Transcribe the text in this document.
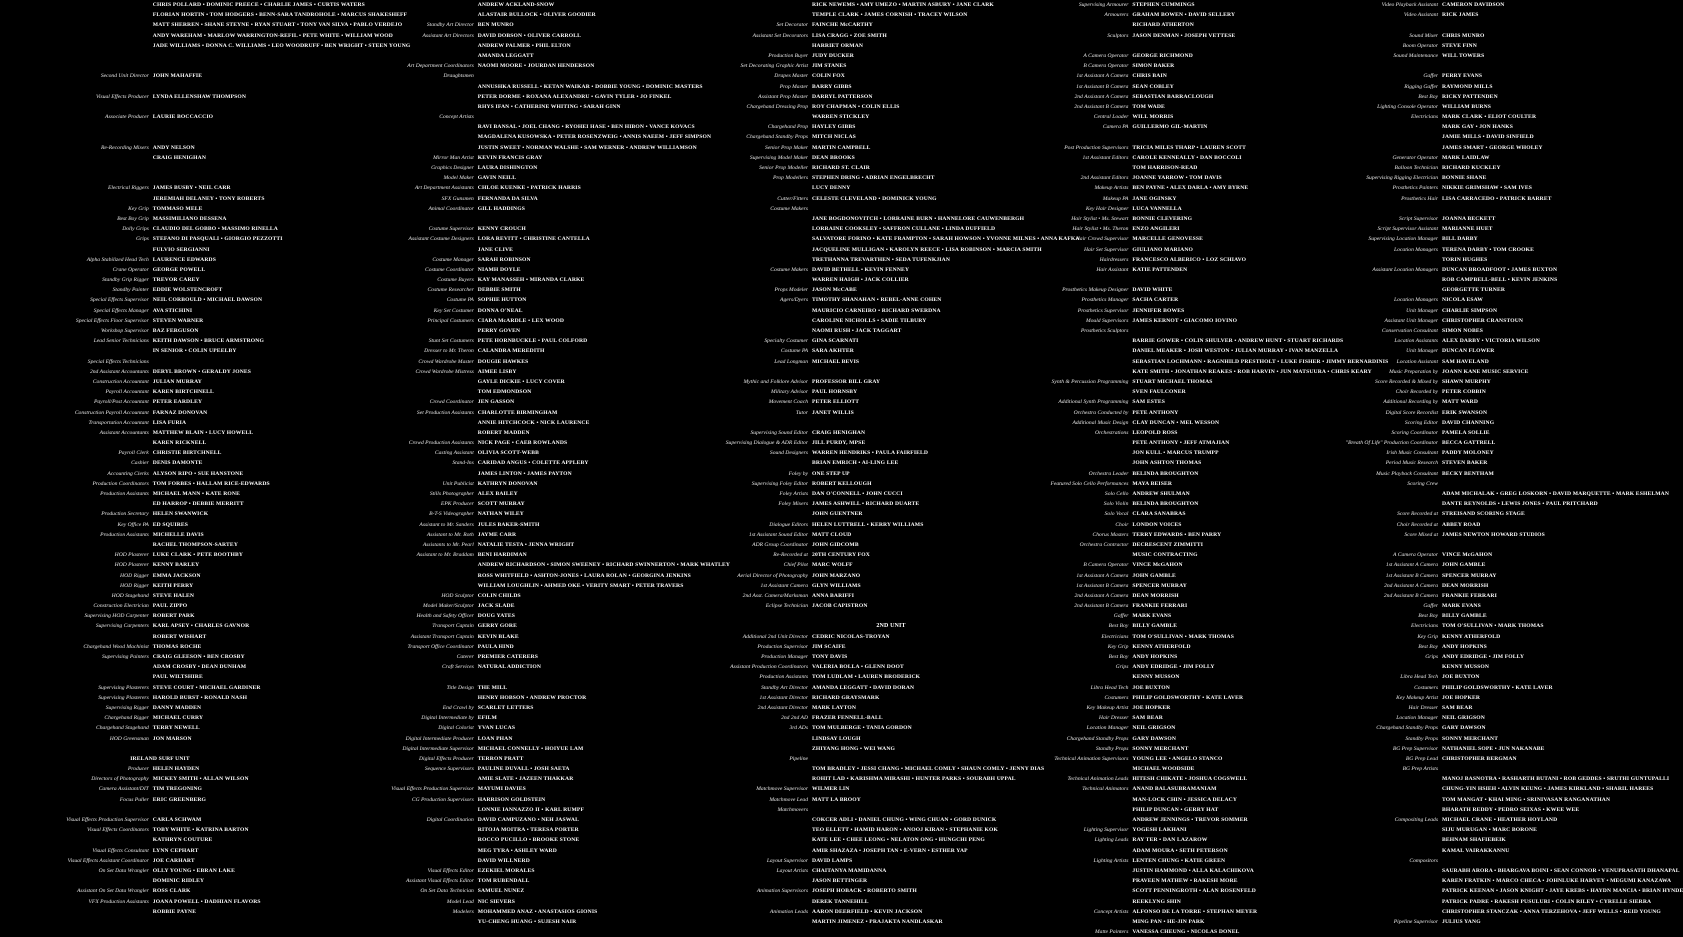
CHRIS POLLARD • DOMINIC PREECE • CHARLIE JAMES • CURTIS WATERS
FLORIAN HORTIN • TOM HODGERS • BENN-SARA TANDROHOLE • MARCUS SHAKESHEFF
MATT SHERREN • SHANE STEYNE • RYAN STUART • TONY VAN SILVA • PABLO VERDEJO
ANDY WAREHAM • MARLOW WARRINGTON-REFIL • PETE WHITE • WILLIAM WOOD
JADE WILLIAMS • DONNA C. WILLIAMS • LEO WOODRUFF • BEN WRIGHT • STEEN YOUNG
Second Unit Director JOHN MAHAFFIE
Visual Effects Producer LYNDA ELLENSHAW THOMPSON
Associate Producer LAURIE BOCCACCIO
Re-Recording Mixers ANDY NELSON
CRAIG HENIGHAN
Electrical Riggers JAMES BUSBY • NEIL CARR
JEREMIAH DELANEY • TONY ROBERTS
Key Grip TOMMASO MELE
Best Boy Grip MASSIMILIANO DESSENA
Dolly Grips CLAUDIO DEL GOBBO • MASSIMO RINELLA
Grips STEFANO DI PASQUALI • GIORGIO PEZZOTTI
FULVIO SERGIANNI
Alpha Stabilized Head Tech LAURENCE EDWARDS
Crane Operator GEORGE POWELL
Standby Grip Rigger TREVOR CAREY
Standby Painter EDDIE WOLSTENCROFT
Special Effects Supervisor NEIL CORBOULD • MICHAEL DAWSON
Special Effects Manager AVA STICHINI
Special Effects Floor Supervisor STEVEN WARNER
Workshop Supervisor BAZ FERGUSON
Lead Senior Technicians KEITH DAWSON • BRUCE ARMSTRONG
IN SENIOR • COLIN UPEELBY
Special Effects Technicians
2nd Assistant Accountants DERYL BROWN • GERALDY JONES
Construction Accountant JULIAN MURRAY
Payroll Accountant KAREN BIRTCHNELL
Payroll/Post Accountant PETER EARDLEY
Construction Payroll Accountant FARNAZ DONOVAN
Transportation Accountant LISA FURIA
Assistant Accountants MATTHEW BLAIN • LUCY HOWELL
KAREN RICKNELL
Payroll Clerk CHRISTIE BIRTCHNELL
Cashier DENIS DAMONTE
Accounting Clerks ALYSON RIPO • SUE HANSTONE
Production Coordinators TOM FORBES • HALLAM RICE-EDWARDS
Production Assistants MICHAEL MANN • KATE RONE
ED HARROP • DEBBIE MERRITT
Production Secretary HELEN SWANWICK
Key Office PA ED SQUIRES
Production Assistants MICHELLE DAVIS
RACHEL THOMPSON-SARTEY
HOD Plasterer LUKE CLARK • PETE BOOTHBY
HOD Plasterer KENNY BARLEY
HOD Rigger EMMA JACKSON
HOD Rigger KEITH PERRY
HOD Stagehand STEVE HALEN
Construction Electrician PAUL ZIPPO
Supervising HOD Carpenter ROBERT PARK
Supervising Carpenters KARL APSEY • CHARLES GAVNOR
ROBERT WISHART
Chargehand Wood Machinist THOMAS ROCHE
Supervising Painters CRAIG GLEESON • BEN CROSBY
ADAM CROSBY • DEAN DUNHAM
PAUL WILTSHIRE
Supervising Plasterers STEVE COURT • MICHAEL GARDINER
Supervising Plasterers HAROLD BURST • RONALD NASH
Supervising Rigger DANNY MADDEN
Chargehand Rigger MICHAEL CURRY
Chargehand Stagehand TERRY NEWELL
HOD Greensman JON MARSON
IRELAND SURF UNIT
Producer HELEN HAYDEN
Directors of Photography MICKEY SMITH • ALLAN WILSON
Camera Assistant/DIT TIM TREGONING
Focus Puller ERIC GREENBERG
Visual Effects Production Supervisor CARLA SCHWAM
Visual Effects Coordinators TOBY WHITE • KATRINA BARTON
KATHRYN COUTURE
Visual Effects Consultant LYNN CEPHART
Visual Effects Assistant Coordinator JOE CARHART
On Set Data Wrangler OLLY YOUNG • EBRAN LAKE
DOMINIC RIDLEY
Assistant On Set Data Wrangler ROSS CLARK
VFX Production Assistants JOANA POWELL • DADHIAN FLAVORS
ROBBIE PAYNE
ANDREW ACKLAND-SNOW
ALASTAIR BULLOCK • OLIVER GOODIER
Standby Art Director BEN MUNRO
Assistant Art Directors DAVID DOBSON • OLIVER CARROLL
ANDREW PALMER • PHIL ELTON
AMANDA LEGGATT
Art Department Coordinators NAOMI MOORE • JOURDAN HENDERSON
Draughtsmen
ANNUSHKA RUSSELL • KETAN WAIKAR • DOBBIE YOUNG • DOMINIC MASTERS
PETER DORME • ROXANA ALEXANDRU • GAVIN TYLER • JO FINKEL
RHYS IFAN • CATHERINE WHITING • SARAH GINN
Concept Artists
RAVI BANSAL • JOEL CHANG • RYOHEI HASE • BEN HIBON • VANCE KOVACS
MAGDALENA KUSOWSKA • PETER ROSENZWEIG • ANNIS NAEEM • JEFF SIMPSON
JUSTIN SWEET • NORMAN WALSHE • SAM WERNER • ANDREW WILLIAMSON
Mirror Man Artist KEVIN FRANCIS GRAY
Graphics Designer LAURA DISHINGTON
Model Maker GAVIN NEILL
Art Department Assistants CHLOE KUENKE • PATRICK HARRIS
SFX Gunsmen FERNANDA DA SILVA
Animal Coordinator GILL HADDINGS
Costume Supervisor KENNY CROUCH
Assistant Costume Designers LORA REVITT • CHRISTINE CANTELLA
JANE CLIVE
Costume Manager SARAH ROBINSON
Costume Coordinator NIAMH DOYLE
Costume Buyers KAY MANASSEH • MIRANDA CLARKE
Costume Researcher DEBBIE SMITH
Costume PA SOPHIE HUTTON
Key Set Costumer DONNA O'NEAL
Principal Costumers CIARA McARDLE • LEX WOOD
PERRY GOVEN
Stunt Set Costumers PETE HORNBUCKLE • PAUL COLFORD
Dresser to Mr. Theron CALANDRA MEREDITH
Crowd Wardrobe Master DOUGIE HAWKES
Crowd Wardrobe Mistress AIMEE LISBY
GAYLE DICKIE • LUCY COVER
TOM EDMONDSON
Crowd Coordinator JEN GASSON
Set Production Assistants CHARLOTTE BIRMINGHAM
ANNIE HITCHCOCK • NICK LAURENCE
ROBERT MADDEN
Crowd Production Assistants NICK PAGE • CAEB ROWLANDS
Casting Assistant OLIVIA SCOTT-WEBB
Stand-Ins CARIDAD ANGUS • COLETTE APPLEBY
JAMES LINTON • JAMES PAYTON
Unit Publicist KATHRYN DONOVAN
Stills Photographer ALEX BAILEY
EPK Producer SCOTT MURRAY
B-T-S Videographer NATHAN WILEY
Assistant to Mr. Sanders JULES BAKER-SMITH
Assistant to Mr. Roth JAYME CARR
Assistants to Mr. Pearl NATALIE TESTA • JENNA WRIGHT
Assistant to Mr. Braddam BENI HARDIMAN
ANDREW RICHARDSON • SIMON SWEENEY • RICHARD SWINNERTON • MARK WHATLEY
ROSS WHITFIELD • ASHTON-JONES • LAURA ROLAN • GEORGINA JENKINS
WILLIAM LOUGHLIN • AHMED OKE • VERITY SMART • PETER TRAVERS
HOD Sculptor COLIN CHILDS
Model Maker/Sculptor JACK SLADE
Health and Safety Officer DOUG YATES
Transport Captain GERRY GORE
Assistant Transport Captain KEVIN BLAKE
Transport Office Coordinator PAULA HIND
Caterer PREMIER CATERERS
Craft Services NATURAL ADDICTION
Title Design THE MILL
HENRY HOBSON • ANDREW PROCTOR
End Crawl by SCARLET LETTERS
Digital Intermediate by EFILM
Digital Colorist YVAN LUCAS
Digital Intermediate Producer LOAN PHAN
Digital Intermediate Supervisor MICHAEL CONNELLY • HOIYUE LAM
Digital Effects Producer TERRON PRATT
Sequence Supervisors PAULINE DUVALL • JOSH SAETA
AMIE SLATE • JAZEEN THAKKAR
Visual Effects Production Supervisor MAYUMI DAVIES
CG Production Supervisors HARRISON GOLDSTEIN
LONNIE IANNAZZO II • KARL RUMPF
Digital Coordination DAVID CAMPUZANO • NEH JASWAL
RITOJA MOITRA • TERESA PORTER
ROCCO PUCILLO • BROOKE STONE
MEG TYRA • ASHLEY WARD
DAVID WILLNERD
Visual Effects Editor EZEKIEL MORALES
Assistant Visual Effects Editor TOM RUBENDALL
On Set Data Technician SAMUEL NUNEZ
Model Lead NIC SIEVERS
Modelers MOHAMMED ANAZ • ANASTASIOS GIONIS
YU-CHENG HUANG • SUJESH NAIR
RICK NEWEMS • AMY UMEZO • MARTIN ASBURY • JANE CLARK
TEMPLE CLARK • JAMES CORNISH • TRACEY WILSON
Set Decorator FAINCHE McCARTHY
Assistant Set Decorators LISA CRAGG • ZOE SMITH
HARRIET ORMAN
Production Buyer JUDY DUCKER
Set Decorating Graphic Artist JIM STANES
Drapes Master COLIN FOX
Prop Master BARRY GIBBS
Assistant Prop Master DARRYL PATTERSON
Chargehand Dressing Prop ROY CHAPMAN • COLIN ELLIS
WARREN STICKLEY
Chargehand Prop HAYLEY GIBBS
Chargehand Standby Props MITCH NICLAS
Senior Prop Maker MARTIN CAMPBELL
Supervising Model Maker DEAN BROOKS
Senior Prop Modeller RICHARD ST. CLAIR
Prop Modellers STEPHEN DRING • ADRIAN ENGELBRECHT
LUCY DENNY
Cutter/Fitters CELESTE CLEVELAND • DOMINICK YOUNG
Costume Makers
JANE BOGDONOVITCH • LORRAINE BURN • HANNELORE CAUWENBERGH
LORRAINE COOKSLEY • SAFFRON CULLANE • LINDA DUFFIELD
SALVATORE FORINO • KATE FRAMPTON • SARAH HOWSON • YVONNE MILNES • ANNA KAFKA
JACQUELINE MULLIGAN • KAROLYN REECE • LISA ROBINSON • MARCIA SMITH
TRETHANNA TREVARTHEN • SEDA TUFENKJIAN
Costume Makers DAVID BETHELL • KEVIN FENNEY
WARREN HAIGH • JACK COLLIER
Props Modeler JASON McCABE
Agers/Dyers TIMOTHY SHANAHAN • REBEL-ANNE COHEN
MAURICIO CARNEIRO • RICHARD SWERDNA
CAROLINE NICHOLLS • SADIE TILBURY
NAOMI RUSH • JACK TAGGART
Specialty Costumer GINA SCARNATI
Costume PA SARA AKHTER
Lead Longman MICHAEL BEVIS
Mythic and Folklore Advisor PROFESSOR BILL GRAY
Military Advisor PAUL HORNSBY
Movement Coach PETER ELLIOTT
Tutor JANET WILLIS
Supervising Sound Editor CRAIG HENIGHAN
Supervising Dialogue & ADR Editor JILL PURDY, MPSE
Sound Designers WARREN HENDRIKS • PAULA FAIRFIELD
BRIAN EMRICH • AI-LING LEE
Foley by ONE STEP UP
Supervising Foley Editor ROBERT KELLOUGH
Foley Artists DAN O'CONNELL • JOHN CUCCI
Foley Mixers JAMES ASHWILL • RICHARD DUARTE
JOHN GUENTNER
Dialogue Editors HELEN LUTTRELL • KERRY WILLIAMS
1st Assistant Sound Editor MATT CLOUD
ADR Group Coordinator JOHN GIDCOMB
Re-Recorded at 20TH CENTURY FOX
Chief Pilot MARC WOLFF
Aerial Director of Photography JOHN MARZANO
1st Assistant Camera GLYN WILLIAMS
2nd Asst. Camera/Marksman ANNA BARIFFI
Eclipse Technician JACOB CAPISTRON
2ND UNIT
Additional 2nd Unit Director CEDRIC NICOLAS-TROYAN
Production Supervisor JIM SCAIFE
Production Manager TONY DAVIS
Assistant Production Coordinators VALERIA BOLLA • GLENN DOOT
Production Assistants TOM LUDLAM • LAUREN BRODERICK
Standby Art Director AMANDA LEGGATT • DAVID DORAN
1st Assistant Director RICHARD GRAYSMARK
2nd Assistant Director MARK LAYTON
2nd 2nd AD FRAZER FENNELL-BALL
3rd ADs TOM MULBERGE • TANIA GORDON
LINDSAY LOUGH
ZHIYANG HONG • WEI WANG
Pipeline
TOM BRADLEY • JESSI CHANG • MICHAEL COMLY • SHAUN COMLY • JENNY DIAS
ROHIT LAD • KARISHMA MIRASHI • HUNTER PARKS • SOURABH UPPAL
Matchmove Supervisor WILMER LIN
Matchmove Lead MATT LA BROOY
Matchmovers
COKCER ADLI • DANIEL CHUNG • WING CHUAN • GORD DUNICK
TEO ELLETT • HAMID HARON • ANOOJ KIRAN • STEPHANIE KOK
KATE LEE • CHEE LEONG • NELATON ONG • HUNGCHI PENG
AMIR SHAZAZA • JOSEPH TAN • E-VERN • ESTHER YAP
Layout Supervisor DAVID LAMPS
Layout Artists CHAITANYA MAMIDANNA
JASON BETTINGER
Animation Supervisors JOSEPH HOBACK • ROBERTO SMITH
DEREK TANNEHILL
Animation Leads AARON DEERFIELD • KEVIN JACKSON
MARTIN JIMENEZ • PRAJAKTA NANDLASKAR
Supervising Armourer STEPHEN CUMMINGS
Armourers GRAHAM BOWEN • DAVID SELLERY
RICHARD ATHERTON
Sculptors JASON DENMAN • JOSEPH VETTESE
A Camera Operator GEORGE RICHMOND
B Camera Operator SIMON BAKER
1st Assistant A Camera CHRIS BAIN
1st Assistant B Camera SEAN COBLEY
2nd Assistant A Camera SEBASTIAN BARRACLOUGH
2nd Assistant B Camera TOM WADE
Central Loader WILL MORRIS
Camera PA GUILLERMO GIL-MARTIN
Post Production Supervisors TRICIA MILES THARP • LAUREN SCOTT
1st Assistant Editors CAROLE KENNEALLY • DAN BOCCOLI
TOM HARRISON-READ
2nd Assistant Editors JOANNE YARROW • TOM DAVIS
Makeup Artists BEN PAYNE • ALEX DARLA • AMY BYRNE
Makeup PA JANE OGINSKY
Key Hair Designer LUCA VANNELLA
Hair Stylist • Ms. Stewart BONNIE CLEVERING
Hair Stylist • Ms. Theron ENZO ANGILERI
Hair Crowd Supervisor MARCELLE GENOVESSE
Hair Set Supervisor GIULIANO MARIANO
Hairdressers FRANCESCO ALBERICO • LOZ SCHIAVO
Hair Assistant KATIE PATTENDEN
Prosthetics Makeup Designer DAVID WHITE
Prosthetics Manager SACHA CARTER
Prosthetics Supervisor JENNIFER BOWES
Mould Supervisors JAMES KERNOT • GIACOMO IOVINO
Prosthetics Sculptors
BARRIE GOWER • COLIN SHULVER • ANDREW HUNT • STUART RICHARDS
DANIEL MEAKER • JOSH WESTON • JULIAN MURRAY • IVAN MANZELLA
SEBASTIAN LOCHMANN • RAGNHILD PRESTHOLT • LUKE FISHER • JIMMY BERNARDINIS
KATE SMITH • JONATHAN REAKES • ROB HARVIN • JUN MATSUURA • CHRIS KEARY
Synth & Percussion Programming STUART MICHAEL THOMAS
SVEN FAULCONER
Additional Synth Programming SAM ESTES
Orchestra Conducted by PETE ANTHONY
Additional Music Design CLAY DUNCAN • MEL WESSON
Orchestrations LEOPOLD ROSS
PETE ANTHONY • JEFF ATMAJIAN
JON KULL • MARCUS TRUMPP
JOHN ASHTON THOMAS
Orchestra Leader BELINDA BROUGHTON
Featured Solo Cello Performances MAYA BEISER
Solo Cello ANDREW SHULMAN
Solo Violin BELINDA BROUGHTON
Solo Vocal CLARA SANABRAS
Choir LONDON VOICES
Chorus Masters TERRY EDWARDS • BEN PARRY
Orchestra Contractor DECRESCENT ZIMMITTI
MUSIC CONTRACTING
B Camera Operator VINCE McGAHON
1st Assistant A Camera JOHN GAMBLE
1st Assistant B Camera SPENCER MURRAY
2nd Assistant A Camera DEAN MORRISH
2nd Assistant B Camera FRANKIE FERRARI
Gaffer MARK EVANS
Best Boy BILLY GAMBLE
Electricians TOM O'SULLIVAN • MARK THOMAS
Key Grip KENNY ATHERFOLD
Best Boy ANDY HOPKINS
Grips ANDY EDRIDGE • JIM FOLLY
KENNY MUSSON
Libra Head Tech JOE BUXTON
Costumers PHILIP GOLDSWORTHY • KATE LAVER
Key Makeup Artist JOE HOPKER
Hair Dresser SAM BEAR
Location Manager NEIL GRIGSON
Chargehand Standby Props GARY DAWSON
Standby Props SONNY MERCHANT
Technical Animation Supervisors YOUNG LEE • ANGELO STANCO
MICHAEL WOODSIDE
Technical Animation Leads HITESH CHIKATE • JOSHUA COGSWELL
Technical Animators ANAND BALASUBRAMANIAM
MAN-LOCK CHIN • JESSICA DELACY
PHILIP DUNCAN • GERRY HAT
ANDREW JENNINGS • TREVOR SOMMER
Lighting Supervisor YOGESH LAKHANI
Lighting Leads RAY TER • DAN LAZAROW
ADAM MOURA • SETH PETERSON
Lighting Artists LENTEN CHUNG • KATIE GREEN
JUSTIN HAMMOND • ALLA KALACHIKOVA
PRAVEEN MATHEW • RAKESH MORE
SCOTT PENNINGROTH • ALAN ROSENFELD
REEKLYNG SHIN
Concept Artists ALFONSO DE LA TORRE • STEPHAN MEYER
MING PAN • HE-JIN PARK
Matte Painters VANESSA CHEUNG • NICOLAS DONEL
Video Playback Assistant CAMERON DAVIDSON
Video Assistant RICK JAMES
Sound Mixer CHRIS MUNRO
Boom Operator STEVE FINN
Sound Maintenance WILL TOWERS
Gaffer PERRY EVANS
Rigging Gaffer RAYMOND MILLS
Best Boy RICKY PATTENDEN
Lighting Console Operator WILLIAM BURNS
Electricians MARK CLARK • ELIOT COULTER
MARK GAY • JON HANKS
JAMIE MILLS • DAVID SINFIELD
JAMES SMART • GEORGE WHOLEY
Generator Operator MARK LAIDLAW
Balloon Technician RICHARD KUCKLEY
Supervising Rigging Electrician BONNIE SHANE
Prosthetics Painters NIKKIE GRIMSHAW • SAM IVES
Prosthetics Hair LISA CARRACEDO • PATRICK BARRET
Script Supervisor JOANNA BECKETT
Script Supervisor Assistant MARIANNE HUET
Supervising Location Manager BILL DARBY
Location Managers TERENA DARBY • TOM CROOKE
TORIN HUGHES
Assistant Location Managers DUNCAN BROADFOOT • JAMES BUXTON
ROB CAMPBELL-BELL • KEVIN JENKINS
GEORGETTE TURNER
Location Managers NICOLA ESAW
Unit Manager CHARLIE SIMPSON
Assistant Unit Manager CHRISTOPHER CRANSTOUN
Conservation Consultant SIMON NOBES
Location Assistants ALEX DARBY • VICTORIA WILSON
Unit Manager DUNCAN FLOWER
Location Assistant SAM HAVELAND
Music Preparation by JOANN KANE MUSIC SERVICE
Score Recorded & Mixed by SHAWN MURPHY
Choir Recorded by PETER COBBIN
Additional Recording by MATT WARD
Digital Score Recordist ERIK SWANSON
Scoring Editor DAVID CHANNING
Scoring Coordinator PAMELA SOLLIE
"Breath Of Life" Production Coordinator BECCA GATTRELL
Irish Music Consultant PADDY MOLONEY
Period Music Research STEVEN BAKER
Music Playback Consultant BECKY BENTHAM
Scoring Crew
ADAM MICHALAK • GREG LOSKORN • DAVID MARQUETTE • MARK ESHELMAN
DANTE REYNOLDS • LEWIS JONES • PAUL PRITCHARD
Score Recorded at STREISAND SCORING STAGE
Choir Recorded at ABBEY ROAD
Score Mixed at JAMES NEWTON HOWARD STUDIOS
A Camera Operator VINCE McGAHON
1st Assistant A Camera JOHN GAMBLE
1st Assistant B Camera SPENCER MURRAY
2nd Assistant A Camera DEAN MORRISH
2nd Assistant B Camera FRANKIE FERRARI
Gaffer MARK EVANS
Best Boy BILLY GAMBLE
Electricians TOM O'SULLIVAN • MARK THOMAS
Key Grip KENNY ATHERFOLD
Best Boy ANDY HOPKINS
Grips ANDY EDRIDGE • JIM FOLLY
KENNY MUSSON
Libra Head Tech JOE BUXTON
Costumers PHILIP GOLDSWORTHY • KATE LAVER
Key Makeup Artist JOE HOPKER
Hair Dresser SAM BEAR
Location Manager NEIL GRIGSON
Chargehand Standby Props GARY DAWSON
Standby Props SONNY MERCHANT
BG Prep Supervisor NATHANIEL SOPE • JUN NAKANABE
BG Prep Lead CHRISTOPHER BERGMAN
BG Prep Artists
MANOJ BASNOTRA • RASHARTH BUTANI • ROB GEDDES • SRUTHI GUNTUPALLI
CHUNG-YIN HSIEH • ALVIN KEUNG • JAMES KIRKLAND • SHARIL HAREES
TOM MANGAT • KHAI MING • SRINIVASAN RANGANATHAN
BHARATH REDDY • PEDRO SEIXAS • KWEE WEE
Compositing Leads MICHAEL CRANE • HEATHER HOYLAND
SIJU MURUGAN • MARC BORONE
BEHNAM SHAFIEBEIK
KAMAL VAIRAKKANNU
Compositors
SAURABH ARORA • BHARGAVA BOINI • SEAN CONNOR • VENUPRASATH DHANAPAL
KAREN FRATKIN • MARCO CHECA • JOHNLUKE HARVEY • MEGUMI KANAZAWA
PATRICK KEENAN • JASON KNIGHT • JAYE KREBS • HAYDN MANCIA • BRIAN HYNDE
PATRICK PADRE • RAKESH PUSULURI • COLIN RILEY • CYRELLE SIERRA
CHRISTOPHER STANCZAK • ANNA TERZEHOVA • JEFF WELLS • REID YOUNG
Pipeline Supervisor JULIUS YANG
